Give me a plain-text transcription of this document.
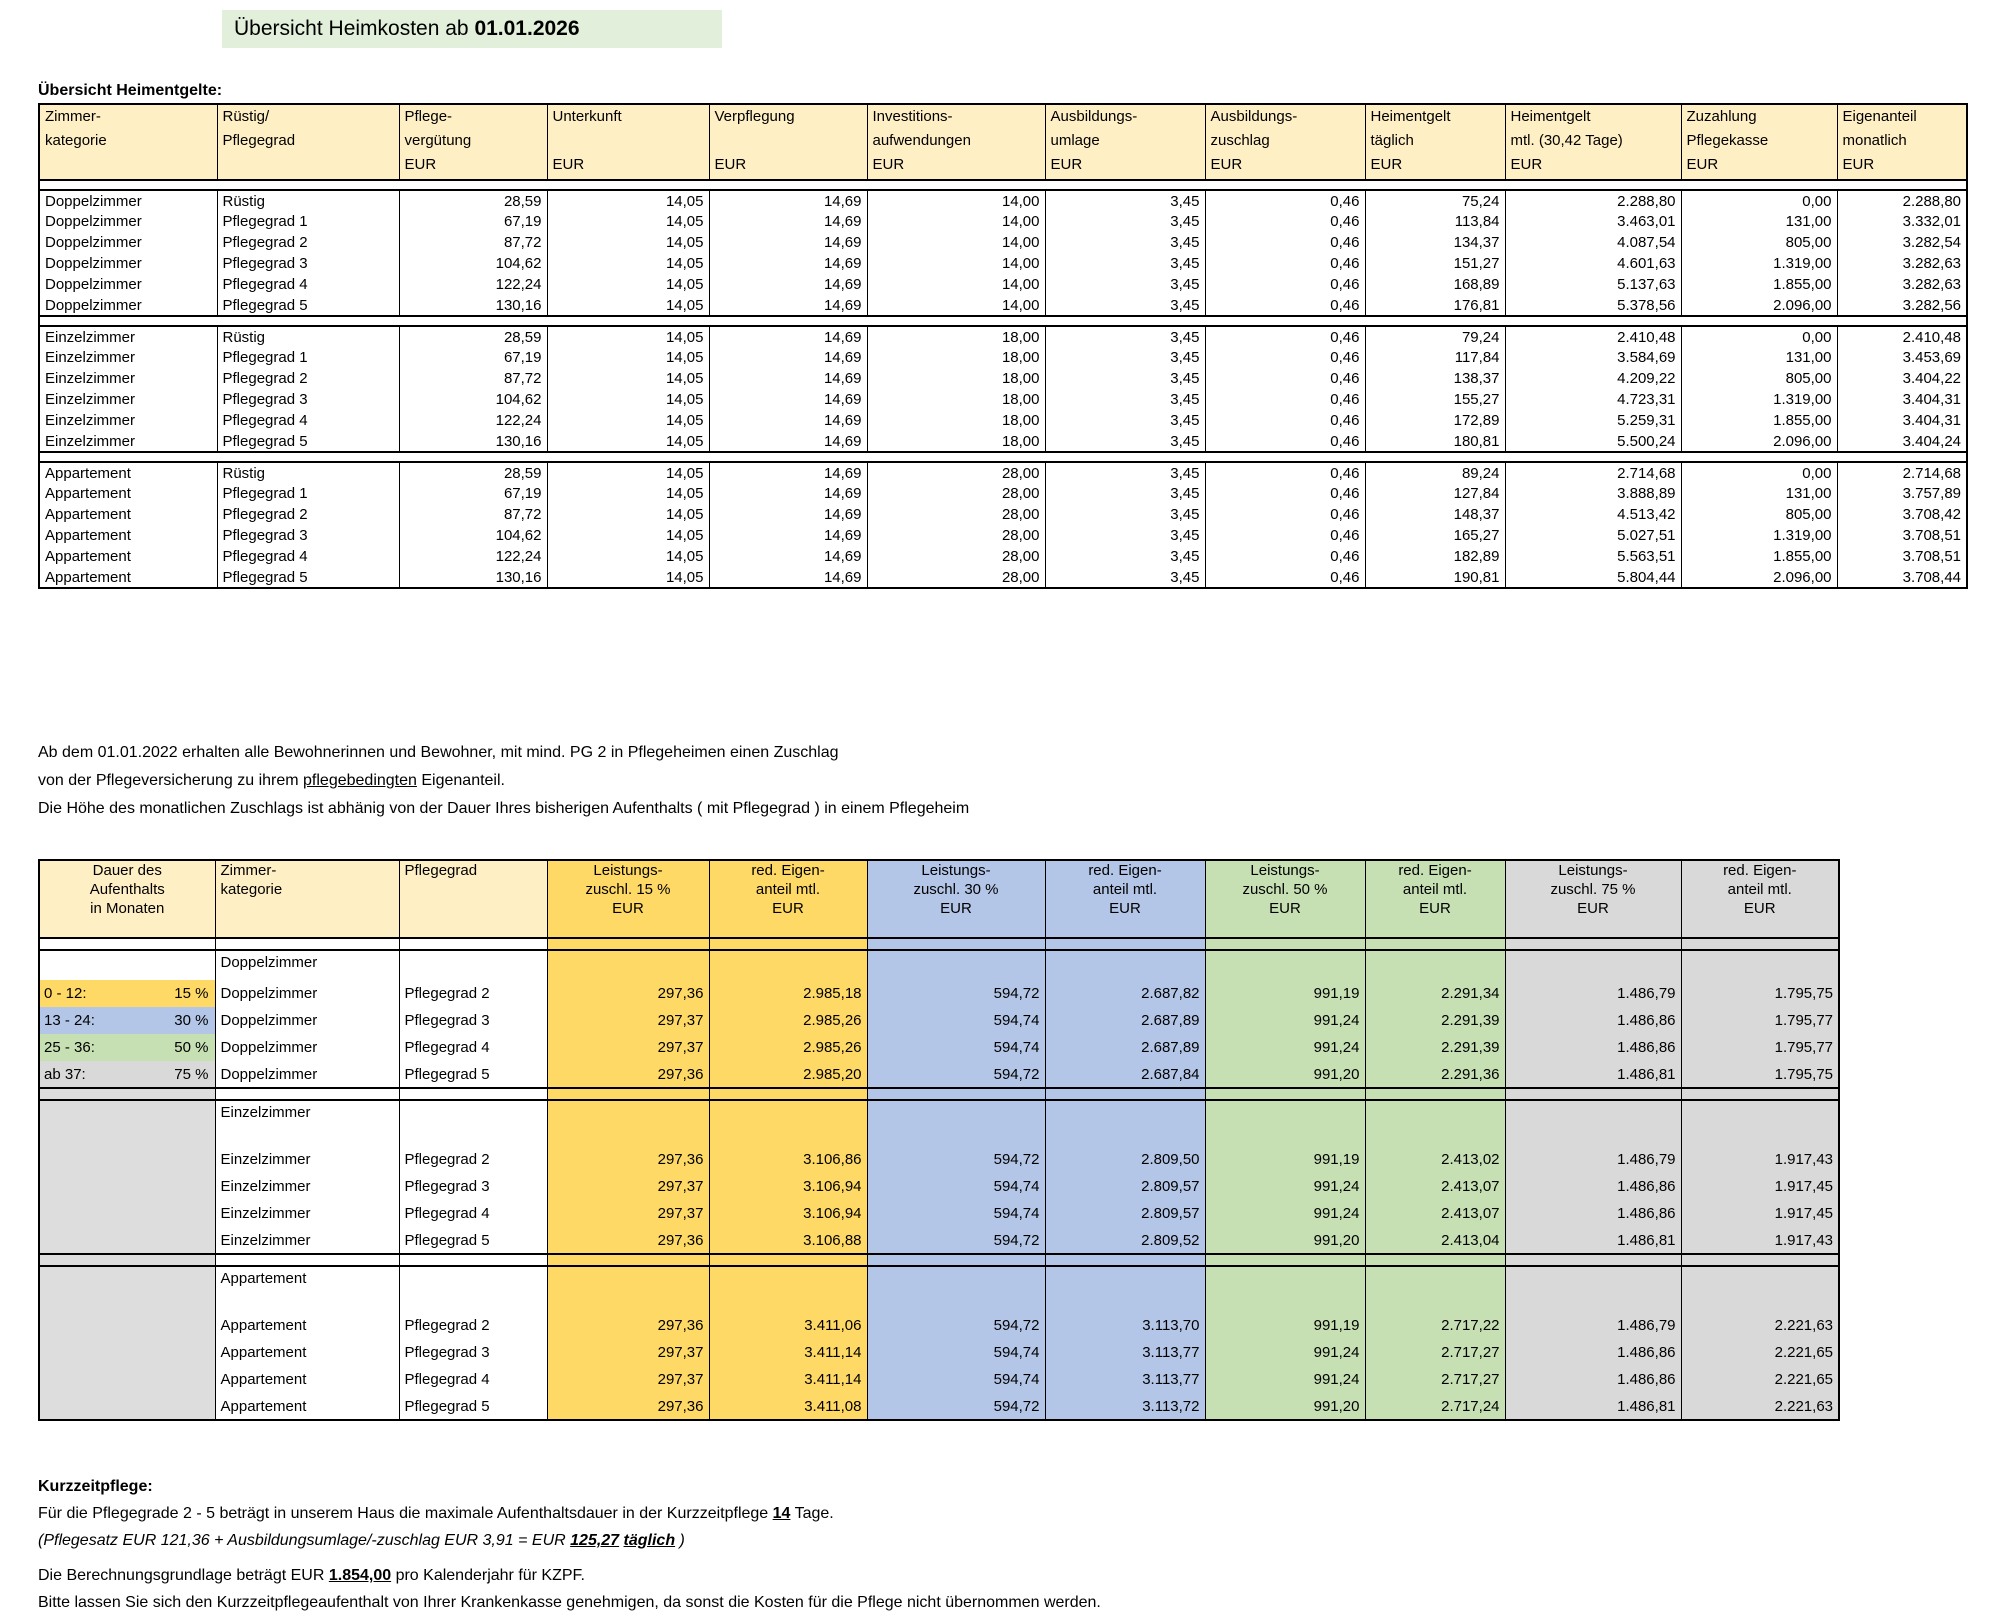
Übersicht Heimkosten ab 01.01.2026
Übersicht Heimentgelte:
Zimmer-
kategorie

Rüstig/
Pflegegrad

Pflege-
vergütung
EUR

Unterkunft

EUR

Verpflegung

EUR

Investitions-
aufwendungen
EUR

Ausbildungs-
umlage
EUR

Ausbildungs-
zuschlag
EUR

Heimentgelt
täglich
EUR

Heimentgelt
mtl. (30,42 Tage)
EUR

Zuzahlung
Pflegekasse
EUR

Eigenanteil
monatlich
EUR

Doppelzimmer	Rüstig	28,59	14,05	14,69	14,00	3,45	0,46	75,24	2.288,80	0,00	2.288,80
Doppelzimmer	Pflegegrad 1	67,19	14,05	14,69	14,00	3,45	0,46	113,84	3.463,01	131,00	3.332,01
Doppelzimmer	Pflegegrad 2	87,72	14,05	14,69	14,00	3,45	0,46	134,37	4.087,54	805,00	3.282,54
Doppelzimmer	Pflegegrad 3	104,62	14,05	14,69	14,00	3,45	0,46	151,27	4.601,63	1.319,00	3.282,63
Doppelzimmer	Pflegegrad 4	122,24	14,05	14,69	14,00	3,45	0,46	168,89	5.137,63	1.855,00	3.282,63
Doppelzimmer	Pflegegrad 5	130,16	14,05	14,69	14,00	3,45	0,46	176,81	5.378,56	2.096,00	3.282,56

Einzelzimmer	Rüstig	28,59	14,05	14,69	18,00	3,45	0,46	79,24	2.410,48	0,00	2.410,48
Einzelzimmer	Pflegegrad 1	67,19	14,05	14,69	18,00	3,45	0,46	117,84	3.584,69	131,00	3.453,69
Einzelzimmer	Pflegegrad 2	87,72	14,05	14,69	18,00	3,45	0,46	138,37	4.209,22	805,00	3.404,22
Einzelzimmer	Pflegegrad 3	104,62	14,05	14,69	18,00	3,45	0,46	155,27	4.723,31	1.319,00	3.404,31
Einzelzimmer	Pflegegrad 4	122,24	14,05	14,69	18,00	3,45	0,46	172,89	5.259,31	1.855,00	3.404,31
Einzelzimmer	Pflegegrad 5	130,16	14,05	14,69	18,00	3,45	0,46	180,81	5.500,24	2.096,00	3.404,24

Appartement	Rüstig	28,59	14,05	14,69	28,00	3,45	0,46	89,24	2.714,68	0,00	2.714,68
Appartement	Pflegegrad 1	67,19	14,05	14,69	28,00	3,45	0,46	127,84	3.888,89	131,00	3.757,89
Appartement	Pflegegrad 2	87,72	14,05	14,69	28,00	3,45	0,46	148,37	4.513,42	805,00	3.708,42
Appartement	Pflegegrad 3	104,62	14,05	14,69	28,00	3,45	0,46	165,27	5.027,51	1.319,00	3.708,51
Appartement	Pflegegrad 4	122,24	14,05	14,69	28,00	3,45	0,46	182,89	5.563,51	1.855,00	3.708,51
Appartement	Pflegegrad 5	130,16	14,05	14,69	28,00	3,45	0,46	190,81	5.804,44	2.096,00	3.708,44
Ab dem 01.01.2022 erhalten alle Bewohnerinnen und Bewohner, mit mind. PG 2 in Pflegeheimen einen Zuschlag
von der Pflegeversicherung zu ihrem pflegebedingten Eigenanteil.
Die Höhe des monatlichen Zuschlags ist abhänig von der Dauer Ihres bisherigen Aufenthalts ( mit Pflegegrad ) in einem Pflegeheim
Dauer des
Aufenthalts
in Monaten

Zimmer-
kategorie

Pflegegrad	Leistungs-
zuschl. 15 %
EUR

red. Eigen-
anteil mtl.
EUR

Leistungs-
zuschl. 30 %
EUR

red. Eigen-
anteil mtl.
EUR

Leistungs-
zuschl. 50 %
EUR

red. Eigen-
anteil mtl.
EUR

Leistungs-
zuschl. 75 %
EUR

red. Eigen-
anteil mtl.
EUR

	Doppelzimmer									

0 - 12: 15 %	Doppelzimmer	Pflegegrad 2	297,36	2.985,18	594,72	2.687,82	991,19	2.291,34	1.486,79	1.795,75

13 - 24: 30 %	Doppelzimmer	Pflegegrad 3	297,37	2.985,26	594,74	2.687,89	991,24	2.291,39	1.486,86	1.795,77

25 - 36: 50 %	Doppelzimmer	Pflegegrad 4	297,37	2.985,26	594,74	2.687,89	991,24	2.291,39	1.486,86	1.795,77

ab 37: 75 %	Doppelzimmer	Pflegegrad 5	297,36	2.985,20	594,72	2.687,84	991,20	2.291,36	1.486,81	1.795,75

	Einzelzimmer									

	Einzelzimmer	Pflegegrad 2	297,36	3.106,86	594,72	2.809,50	991,19	2.413,02	1.486,79	1.917,43
	Einzelzimmer	Pflegegrad 3	297,37	3.106,94	594,74	2.809,57	991,24	2.413,07	1.486,86	1.917,45
	Einzelzimmer	Pflegegrad 4	297,37	3.106,94	594,74	2.809,57	991,24	2.413,07	1.486,86	1.917,45
	Einzelzimmer	Pflegegrad 5	297,36	3.106,88	594,72	2.809,52	991,20	2.413,04	1.486,81	1.917,43

	Appartement									

	Appartement	Pflegegrad 2	297,36	3.411,06	594,72	3.113,70	991,19	2.717,22	1.486,79	2.221,63
	Appartement	Pflegegrad 3	297,37	3.411,14	594,74	3.113,77	991,24	2.717,27	1.486,86	2.221,65
	Appartement	Pflegegrad 4	297,37	3.411,14	594,74	3.113,77	991,24	2.717,27	1.486,86	2.221,65
	Appartement	Pflegegrad 5	297,36	3.411,08	594,72	3.113,72	991,20	2.717,24	1.486,81	2.221,63
Kurzzeitpflege:
Für die Pflegegrade 2 - 5 beträgt in unserem Haus die maximale Aufenthaltsdauer in der Kurzzeitpflege 14 Tage.
(Pflegesatz EUR 121,36 + Ausbildungsumlage/-zuschlag EUR 3,91 = EUR 125,27 täglich )
Die Berechnungsgrundlage beträgt EUR 1.854,00 pro Kalenderjahr für KZPF.
Bitte lassen Sie sich den Kurzzeitpflegeaufenthalt von Ihrer Krankenkasse genehmigen, da sonst die Kosten für die Pflege nicht übernommen werden.
